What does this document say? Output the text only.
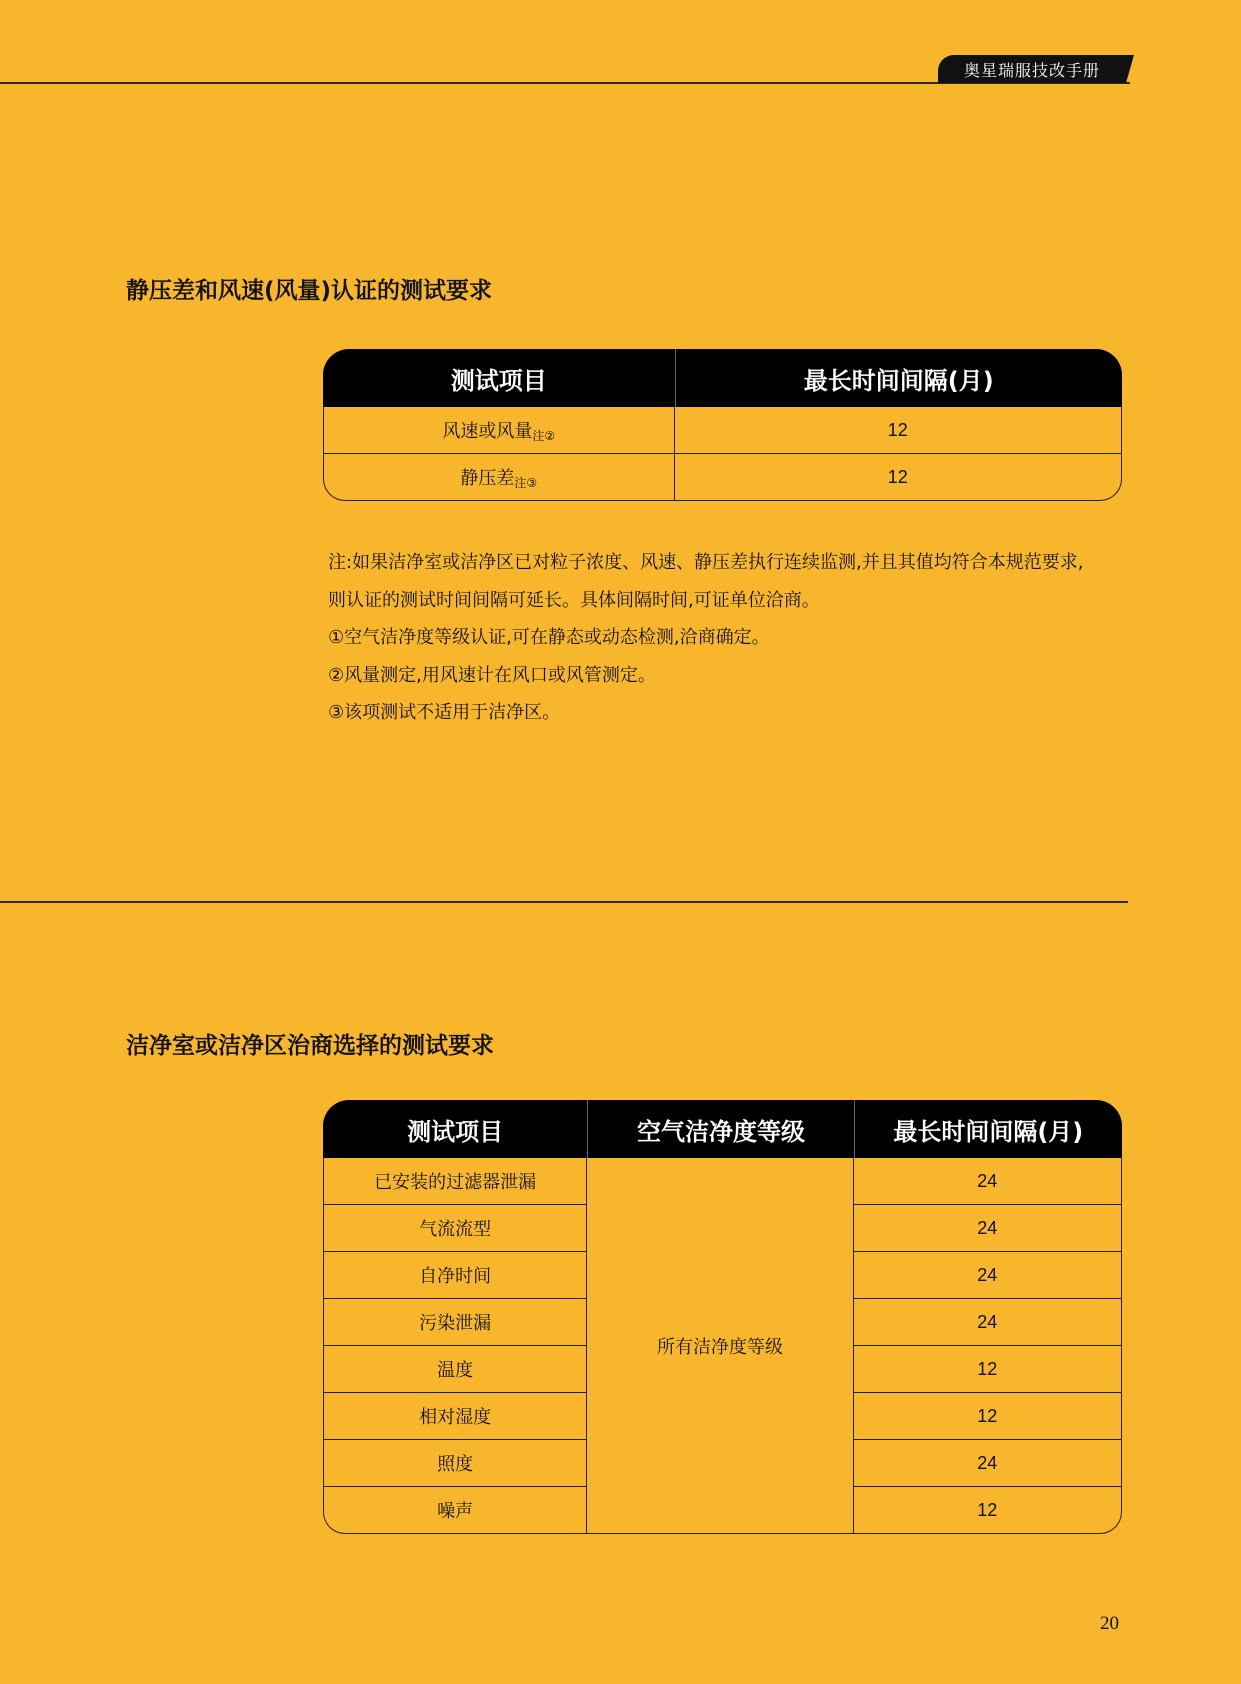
奥星瑞服技改手册
静压差和风速(风量)认证的测试要求
测试项目	最长时间间隔(月)
风速或风量$_{注②}$	12
静压差$_{注③}$	12

注:如果洁净室或洁净区已对粒子浓度、风速、静压差执行连续监测,并且其值均符合本规范要求,

则认证的测试时间间隔可延长。具体间隔时间,可证单位洽商。

①空气洁净度等级认证,可在静态或动态检测,洽商确定。

②风量测定,用风速计在风口或风管测定。

③该项测试不适用于洁净区。

洁净室或洁净区治商选择的测试要求
测试项目	空气洁净度等级	最长时间间隔(月)
已安装的过滤器泄漏	所有洁净度等级	24
气流流型		24
自净时间		24
污染泄漏		24
温度		12
相对湿度		12
照度		24
噪声		12
20
